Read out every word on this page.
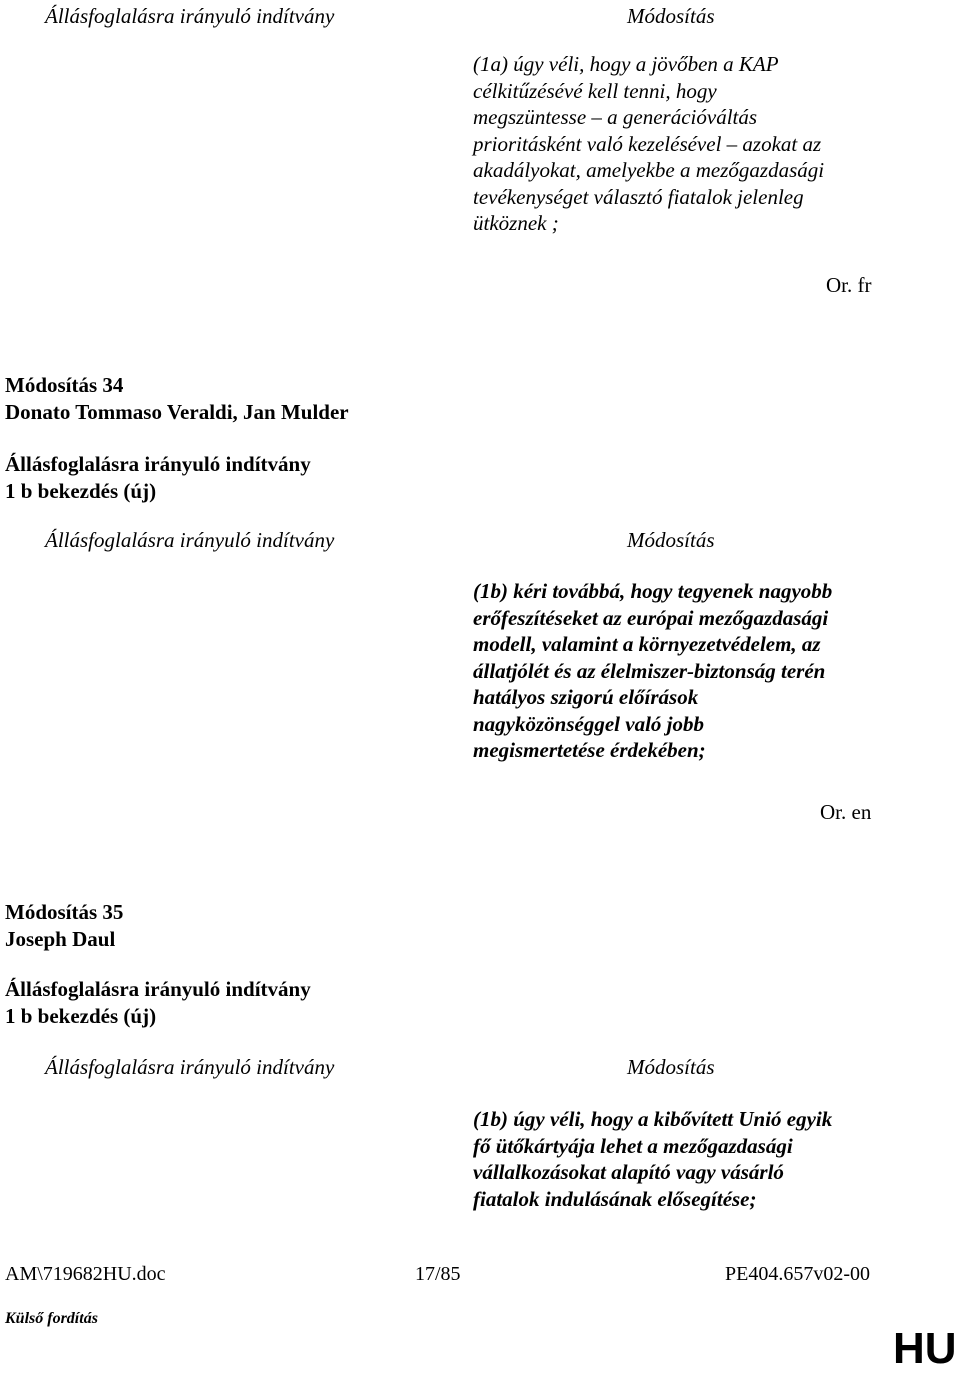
Állásfoglalásra irányuló indítvány	Módosítás
(1a) úgy véli, hogy a jövőben a KAP
célkitűzésévé kell tenni, hogy
megszüntesse – a generációváltás
prioritásként való kezelésével – azokat az
akadályokat, amelyekbe a mezőgazdasági
tevékenységet választó fiatalok jelenleg
ütköznek ;
Or. fr
Módosítás 34
Donato Tommaso Veraldi, Jan Mulder
Állásfoglalásra irányuló indítvány
1 b bekezdés (új)
Állásfoglalásra irányuló indítvány	Módosítás
(1b) kéri továbbá, hogy tegyenek nagyobb
erőfeszítéseket az európai mezőgazdasági
modell, valamint a környezetvédelem, az
állatjólét és az élelmiszer-biztonság terén
hatályos szigorú előírások
nagyközönséggel való jobb
megismertetése érdekében;
Or. en
Módosítás 35
Joseph Daul
Állásfoglalásra irányuló indítvány
1 b bekezdés (új)
Állásfoglalásra irányuló indítvány	Módosítás
(1b) úgy véli, hogy a kibővített Unió egyik
fő ütőkártyája lehet a mezőgazdasági
vállalkozásokat alapító vagy vásárló
fiatalok indulásának elősegítése;
AM\719682HU.doc	17/85	PE404.657v02-00
Külső fordítás
HU
